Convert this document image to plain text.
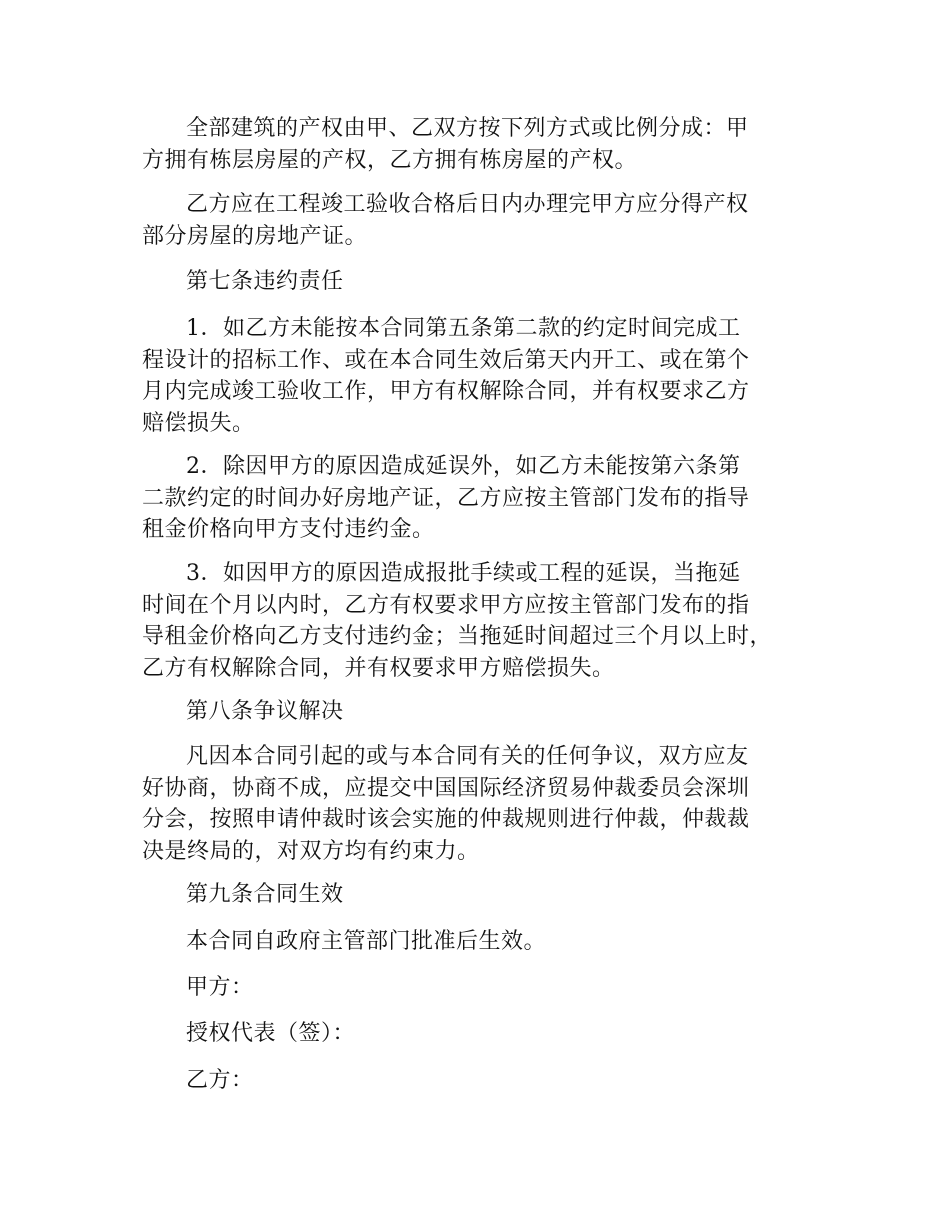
全部建筑的产权由甲、乙双方按下列方式或比例分成：甲
方拥有栋层房屋的产权，乙方拥有栋房屋的产权。
乙方应在工程竣工验收合格后日内办理完甲方应分得产权
部分房屋的房地产证。
第七条违约责任
1．如乙方未能按本合同第五条第二款的约定时间完成工
程设计的招标工作、或在本合同生效后第天内开工、或在第个
月内完成竣工验收工作，甲方有权解除合同，并有权要求乙方
赔偿损失。
2．除因甲方的原因造成延误外，如乙方未能按第六条第
二款约定的时间办好房地产证，乙方应按主管部门发布的指导
租金价格向甲方支付违约金。
3．如因甲方的原因造成报批手续或工程的延误，当拖延
时间在个月以内时，乙方有权要求甲方应按主管部门发布的指
导租金价格向乙方支付违约金；当拖延时间超过三个月以上时，
乙方有权解除合同，并有权要求甲方赔偿损失。
第八条争议解决
凡因本合同引起的或与本合同有关的任何争议，双方应友
好协商，协商不成，应提交中国国际经济贸易仲裁委员会深圳
分会，按照申请仲裁时该会实施的仲裁规则进行仲裁，仲裁裁
决是终局的，对双方均有约束力。
第九条合同生效
本合同自政府主管部门批准后生效。
甲方：
授权代表（签）：
乙方：
